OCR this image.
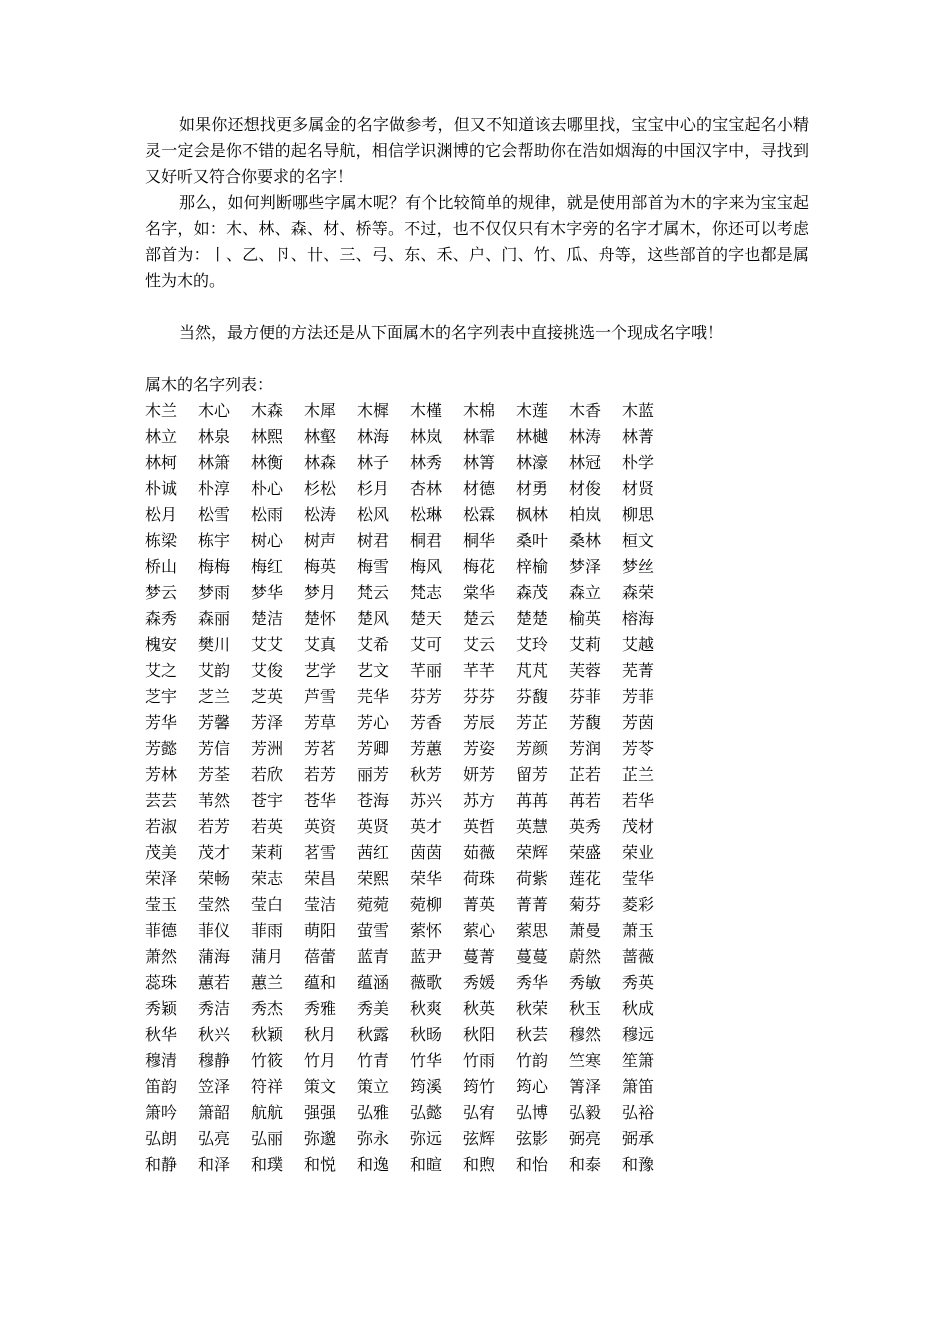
如果你还想找更多属金的名字做参考，但又不知道该去哪里找，宝宝中心的宝宝起名小精灵一定会是你不错的起名导航，相信学识渊博的它会帮助你在浩如烟海的中国汉字中，寻找到又好听又符合你要求的名字！

那么，如何判断哪些字属木呢？有个比较简单的规律，就是使用部首为木的字来为宝宝起名字，如：木、林、森、材、桥等。不过，也不仅仅只有木字旁的名字才属木，你还可以考虑部首为：丨、乙、卪、卄、三、弓、东、禾、户、门、竹、瓜、舟等，这些部首的字也都是属性为木的。

当然，最方便的方法还是从下面属木的名字列表中直接挑选一个现成名字哦！

属木的名字列表：
木兰	木心	木森	木犀	木樨	木槿	木棉	木莲	木香	木蓝
林立	林泉	林熙	林壑	林海	林岚	林霏	林樾	林涛	林菁
林柯	林箫	林衡	林森	林子	林秀	林箐	林濠	林冠	朴学
朴诚	朴淳	朴心	杉松	杉月	杏林	材德	材勇	材俊	材贤
松月	松雪	松雨	松涛	松风	松琳	松霖	枫林	柏岚	柳思
栋梁	栋宇	树心	树声	树君	桐君	桐华	桑叶	桑林	桓文
桥山	梅梅	梅红	梅英	梅雪	梅风	梅花	梓榆	梦泽	梦丝
梦云	梦雨	梦华	梦月	梵云	梵志	棠华	森茂	森立	森荣
森秀	森丽	楚洁	楚怀	楚风	楚天	楚云	楚楚	榆英	榕海
槐安	樊川	艾艾	艾真	艾希	艾可	艾云	艾玲	艾莉	艾越
艾之	艾韵	艾俊	艺学	艺文	芊丽	芊芊	芃芃	芙蓉	芜菁
芝宇	芝兰	芝英	芦雪	芫华	芬芳	芬芬	芬馥	芬菲	芳菲
芳华	芳馨	芳泽	芳草	芳心	芳香	芳辰	芳芷	芳馥	芳茵
芳懿	芳信	芳洲	芳茗	芳卿	芳蕙	芳姿	芳颜	芳润	芳苓
芳林	芳荃	若欣	若芳	丽芳	秋芳	妍芳	留芳	芷若	芷兰
芸芸	苇然	苍宇	苍华	苍海	苏兴	苏方	苒苒	苒若	若华
若淑	若芳	若英	英资	英贤	英才	英哲	英慧	英秀	茂材
茂美	茂才	茉莉	茗雪	茜红	茵茵	茹薇	荣辉	荣盛	荣业
荣泽	荣畅	荣志	荣昌	荣熙	荣华	荷珠	荷紫	莲花	莹华
莹玉	莹然	莹白	莹洁	菀菀	菀柳	菁英	菁菁	菊芬	菱彩
菲德	菲仪	菲雨	萌阳	萤雪	萦怀	萦心	萦思	萧曼	萧玉
萧然	蒲海	蒲月	蓓蕾	蓝青	蓝尹	蔓菁	蔓蔓	蔚然	蔷薇
蕊珠	蕙若	蕙兰	蕴和	蕴涵	薇歌	秀媛	秀华	秀敏	秀英
秀颖	秀洁	秀杰	秀雅	秀美	秋爽	秋英	秋荣	秋玉	秋成
秋华	秋兴	秋颖	秋月	秋露	秋旸	秋阳	秋芸	穆然	穆远
穆清	穆静	竹筱	竹月	竹青	竹华	竹雨	竹韵	竺寒	笙箫
笛韵	笠泽	符祥	策文	策立	筠溪	筠竹	筠心	箐泽	箫笛
箫吟	箫韶	航航	强强	弘雅	弘懿	弘宥	弘博	弘毅	弘裕
弘朗	弘亮	弘丽	弥邈	弥永	弥远	弦辉	弦影	弼亮	弼承
和静	和泽	和璞	和悦	和逸	和暄	和煦	和怡	和泰	和豫
